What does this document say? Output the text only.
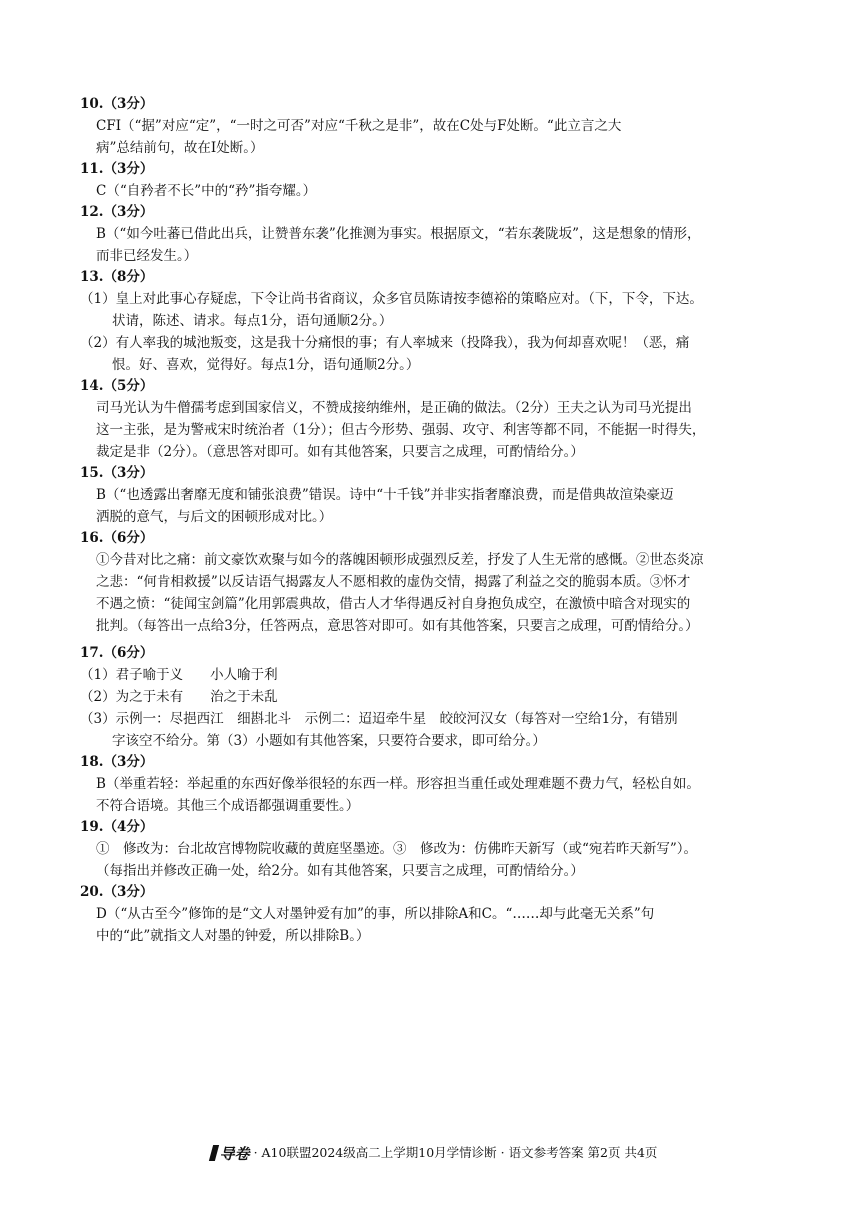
10.（3分）
CFI（“据”对应“定”，“一时之可否”对应“千秋之是非”，故在C处与F处断。“此立言之大
病”总结前句，故在I处断。）
11.（3分）
C（“自矜者不长”中的“矜”指夸耀。）
12.（3分）
B（“如今吐蕃已借此出兵，让赞普东袭”化推测为事实。根据原文，“若东袭陇坂”，这是想象的情形，
而非已经发生。）
13.（8分）
（1）皇上对此事心存疑虑，下令让尚书省商议，众多官员陈请按李德裕的策略应对。（下，下令，下达。
状请，陈述、请求。每点1分，语句通顺2分。）
（2）有人率我的城池叛变，这是我十分痛恨的事；有人率城来（投降我），我为何却喜欢呢！（恶，痛
恨。好、喜欢，觉得好。每点1分，语句通顺2分。）
14.（5分）
司马光认为牛僧孺考虑到国家信义，不赞成接纳维州，是正确的做法。（2分）王夫之认为司马光提出
这一主张，是为警戒宋时统治者（1分）；但古今形势、强弱、攻守、利害等都不同，不能据一时得失，
裁定是非（2分）。（意思答对即可。如有其他答案，只要言之成理，可酌情给分。）
15.（3分）
B（“也透露出奢靡无度和铺张浪费”错误。诗中“十千钱”并非实指奢靡浪费，而是借典故渲染豪迈
洒脱的意气，与后文的困顿形成对比。）
16.（6分）
①今昔对比之痛：前文豪饮欢聚与如今的落魄困顿形成强烈反差，抒发了人生无常的感慨。②世态炎凉
之悲：“何肯相救援”以反诘语气揭露友人不愿相救的虚伪交情，揭露了利益之交的脆弱本质。③怀才
不遇之愤：“徒闻宝剑篇”化用郭震典故，借古人才华得遇反衬自身抱负成空，在激愤中暗含对现实的
批判。（每答出一点给3分，任答两点，意思答对即可。如有其他答案，只要言之成理，可酌情给分。）
17.（6分）
（1）君子喻于义　　小人喻于利
（2）为之于未有　　治之于未乱
（3）示例一：尽挹西江　细斟北斗　示例二：迢迢牵牛星　皎皎河汉女（每答对一空给1分，有错别
字该空不给分。第（3）小题如有其他答案，只要符合要求，即可给分。）
18.（3分）
B（举重若轻：举起重的东西好像举很轻的东西一样。形容担当重任或处理难题不费力气，轻松自如。
不符合语境。其他三个成语都强调重要性。）
19.（4分）
①　修改为：台北故宫博物院收藏的黄庭坚墨迹。③　修改为：仿佛昨天新写（或“宛若昨天新写”）。
（每指出并修改正确一处，给2分。如有其他答案，只要言之成理，可酌情给分。）
20.（3分）
D（“从古至今”修饰的是“文人对墨钟爱有加”的事，所以排除A和C。“……却与此毫无关系”句
中的“此”就指文人对墨的钟爱，所以排除B。）
导卷 · A10联盟2024级高二上学期10月学情诊断 · 语文参考答案 第2页 共4页
